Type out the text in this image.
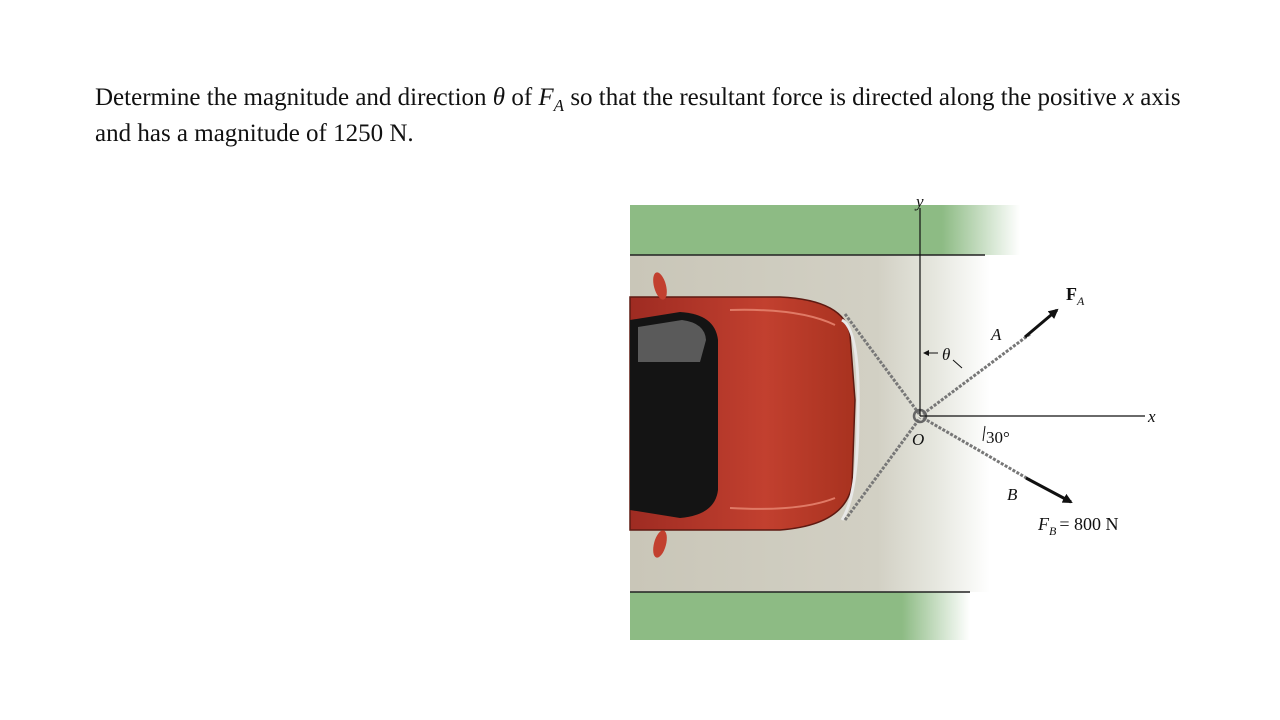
Determine the magnitude and direction θ of $F_A$ so that the resultant force is directed along the positive x axis and has a magnitude of 1250 N.

y
x
θ
30°
O
A
B
$F_A$
$F_B = 800$ N
